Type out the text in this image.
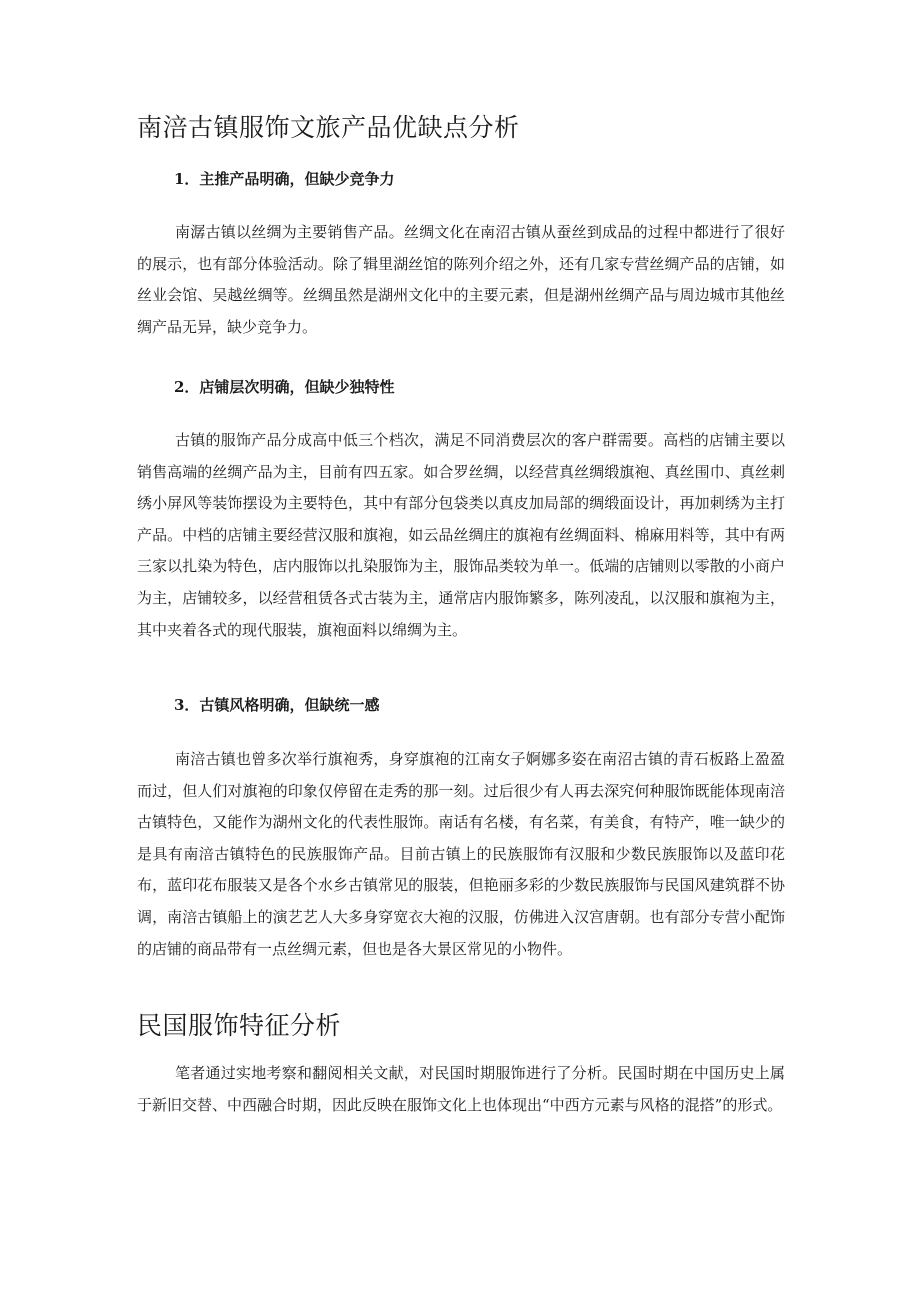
南涪古镇服饰文旅产品优缺点分析
1．主推产品明确，但缺少竞争力

南潺古镇以丝绸为主要销售产品。丝绸文化在南沼古镇从蚕丝到成品的过程中都进行了很好的展示，也有部分体验活动。除了辑里湖丝馆的陈列介绍之外，还有几家专营丝绸产品的店铺，如丝业会馆、吴越丝绸等。丝绸虽然是湖州文化中的主要元素，但是湖州丝绸产品与周边城市其他丝绸产品无异，缺少竞争力。

2．店铺层次明确，但缺少独特性

古镇的服饰产品分成高中低三个档次，满足不同消费层次的客户群需要。高档的店铺主要以销售高端的丝绸产品为主，目前有四五家。如合罗丝绸，以经营真丝绸缎旗袍、真丝围巾、真丝刺绣小屏风等装饰摆设为主要特色，其中有部分包袋类以真皮加局部的绸缎面设计，再加刺绣为主打产品。中档的店铺主要经营汉服和旗袍，如云品丝绸庄的旗袍有丝绸面料、棉麻用料等，其中有两三家以扎染为特色，店内服饰以扎染服饰为主，服饰品类较为单一。低端的店铺则以零散的小商户为主，店铺较多，以经营租赁各式古装为主，通常店内服饰繁多，陈列凌乱，以汉服和旗袍为主，其中夹着各式的现代服装，旗袍面料以绵绸为主。

3．古镇风格明确，但缺统一感

南涪古镇也曾多次举行旗袍秀，身穿旗袍的江南女子婀娜多姿在南沼古镇的青石板路上盈盈而过，但人们对旗袍的印象仅停留在走秀的那一刻。过后很少有人再去深究何种服饰既能体现南涪古镇特色，又能作为湖州文化的代表性服饰。南话有名楼，有名菜，有美食，有特产，唯一缺少的是具有南涪古镇特色的民族服饰产品。目前古镇上的民族服饰有汉服和少数民族服饰以及蓝印花布，蓝印花布服装又是各个水乡古镇常见的服装，但艳丽多彩的少数民族服饰与民国风建筑群不协调，南涪古镇船上的演艺艺人大多身穿宽衣大袍的汉服，仿佛进入汉宫唐朝。也有部分专营小配饰的店铺的商品带有一点丝绸元素，但也是各大景区常见的小物件。

民国服饰特征分析

笔者通过实地考察和翻阅相关文献，对民国时期服饰进行了分析。民国时期在中国历史上属于新旧交替、中西融合时期，因此反映在服饰文化上也体现出“中西方元素与风格的混搭”的形式。
